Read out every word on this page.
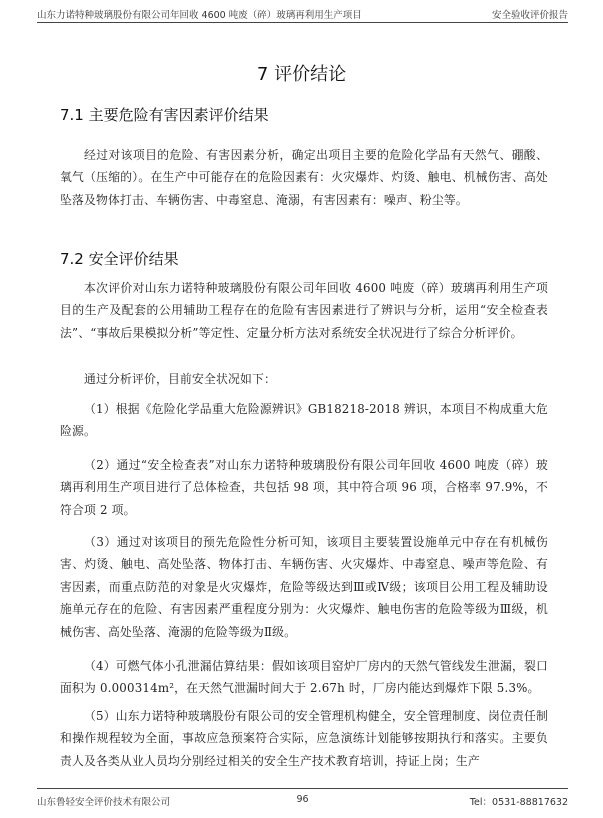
山东力诺特种玻璃股份有限公司年回收 4600 吨废（碎）玻璃再利用生产项目	安全验收评价报告
7 评价结论
7.1 主要危险有害因素评价结果

经过对该项目的危险、有害因素分析，确定出项目主要的危险化学品有天然气、硼酸、氧气（压缩的）。在生产中可能存在的危险因素有：火灾爆炸、灼烫、触电、机械伤害、高处坠落及物体打击、车辆伤害、中毒窒息、淹溺，有害因素有：噪声、粉尘等。

7.2 安全评价结果

本次评价对山东力诺特种玻璃股份有限公司年回收 4600 吨废（碎）玻璃再利用生产项目的生产及配套的公用辅助工程存在的危险有害因素进行了辨识与分析，运用“安全检查表法”、“事故后果模拟分析”等定性、定量分析方法对系统安全状况进行了综合分析评价。

通过分析评价，目前安全状况如下：

（1）根据《危险化学品重大危险源辨识》GB18218-2018 辨识，本项目不构成重大危险源。

（2）通过“安全检查表”对山东力诺特种玻璃股份有限公司年回收 4600 吨废（碎）玻璃再利用生产项目进行了总体检查，共包括 98 项，其中符合项 96 项，合格率 97.9%，不符合项 2 项。

（3）通过对该项目的预先危险性分析可知，该项目主要装置设施单元中存在有机械伤害、灼烫、触电、高处坠落、物体打击、车辆伤害、火灾爆炸、中毒窒息、噪声等危险、有害因素，而重点防范的对象是火灾爆炸，危险等级达到Ⅲ或Ⅳ级；该项目公用工程及辅助设施单元存在的危险、有害因素严重程度分别为：火灾爆炸、触电伤害的危险等级为Ⅲ级，机械伤害、高处坠落、淹溺的危险等级为Ⅱ级。

（4）可燃气体小孔泄漏估算结果：假如该项目窑炉厂房内的天然气管线发生泄漏，裂口面积为 0.000314m²，在天然气泄漏时间大于 2.67h 时，厂房内能达到爆炸下限 5.3%。

（5）山东力诺特种玻璃股份有限公司的安全管理机构健全，安全管理制度、岗位责任制和操作规程较为全面，事故应急预案符合实际，应急演练计划能够按期执行和落实。主要负责人及各类从业人员均分别经过相关的安全生产技术教育培训，持证上岗；生产

山东鲁轻安全评价技术有限公司	96	Tel：0531-88817632
